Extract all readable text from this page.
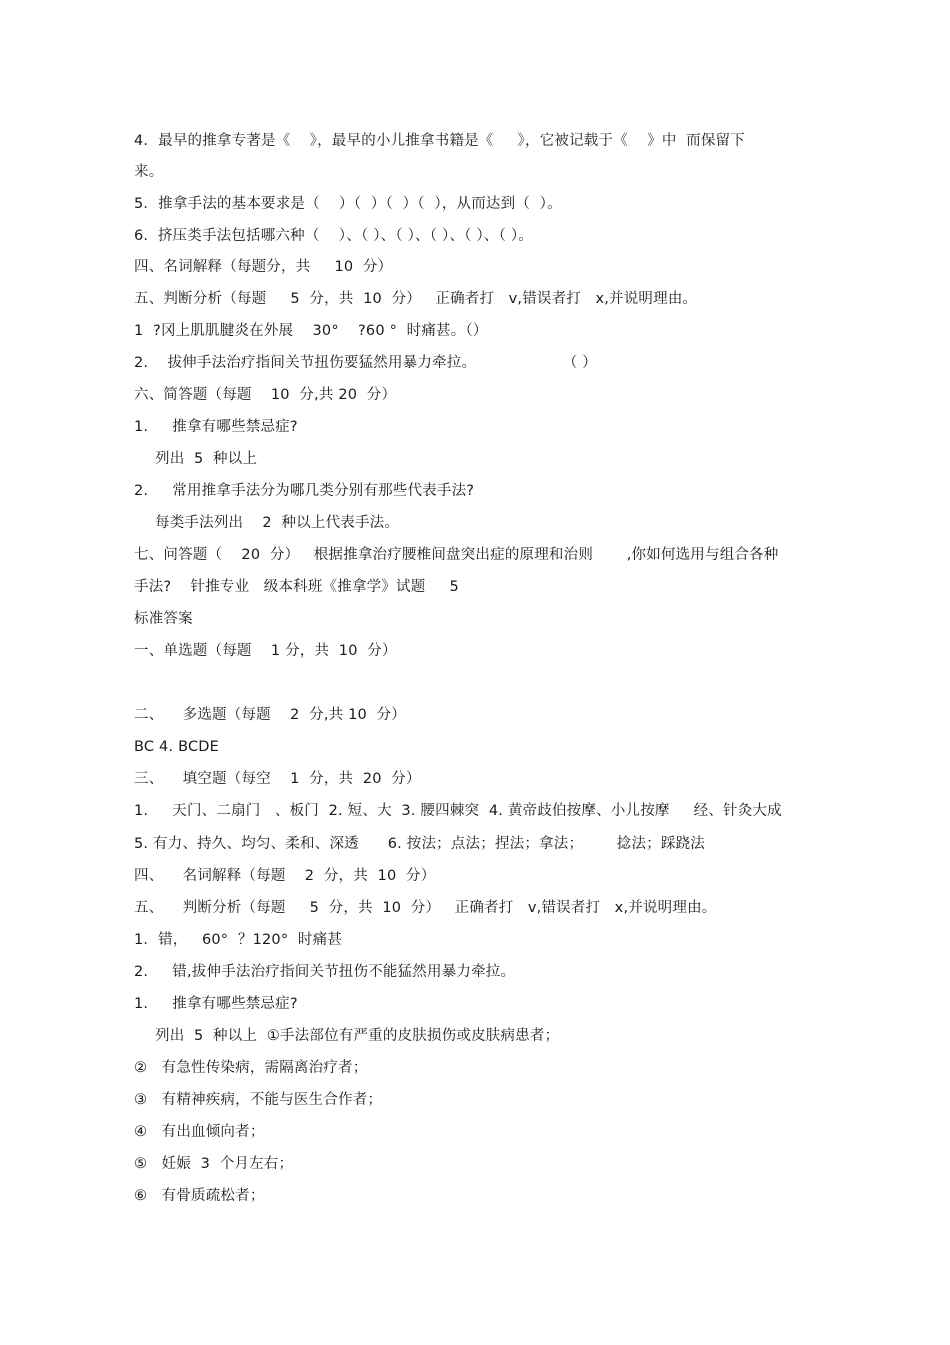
4．最早的推拿专著是《    》，最早的小儿推拿书籍是《     》，它被记载于《    》中  而保留下
来。
5．推拿手法的基本要求是（    ）（  ）（  ）（  ），从而达到（  ）。
6.  挤压类手法包括哪六种（    ）、（ ）、（ ）、（ ）、（ ）、（ ）。
四、名词解释（每题分，共     10  分）
五、判断分析（每题     5  分，共  10  分）   正确者打   v,错误者打   x,并说明理由。
1  ?冈上肌肌腱炎在外展    30°    ?60 °  时痛甚。（）
2.    拔伸手法治疗指间关节扭伤要猛然用暴力牵拉。                  （ ）
六、简答题（每题    10  分,共 20  分）
1.     推拿有哪些禁忌症?
列出  5  种以上
2.     常用推拿手法分为哪几类分别有那些代表手法?
每类手法列出    2  种以上代表手法。
七、问答题（    20  分）   根据推拿治疗腰椎间盘突出症的原理和治则       ,你如何选用与组合各种
手法?    针推专业   级本科班《推拿学》试题     5
标准答案
一、单选题（每题    1 分，共  10  分）
二、    多选题（每题    2  分,共 10  分）
BC 4. BCDE
三、    填空题（每空    1  分，共  20  分）
1.     天门、二扇门   、板门  2. 短、大  3. 腰四棘突  4. 黄帝歧伯按摩、小儿按摩     经、针灸大成
5. 有力、持久、均匀、柔和、深透      6. 按法；点法；捏法；拿法；       捻法；踩跷法
四、    名词解释（每题    2  分，共  10  分）
五、    判断分析（每题     5  分，共  10  分）   正确者打   v,错误者打   x,并说明理由。
1．错，   60°  ？120°  时痛甚
2.     错,拔伸手法治疗指间关节扭伤不能猛然用暴力牵拉。
1.     推拿有哪些禁忌症?
列出  5  种以上  ①手法部位有严重的皮肤损伤或皮肤病患者；
②   有急性传染病，需隔离治疗者；
③   有精神疾病，不能与医生合作者；
④   有出血倾向者；
⑤   妊娠  3  个月左右；
⑥   有骨质疏松者；
